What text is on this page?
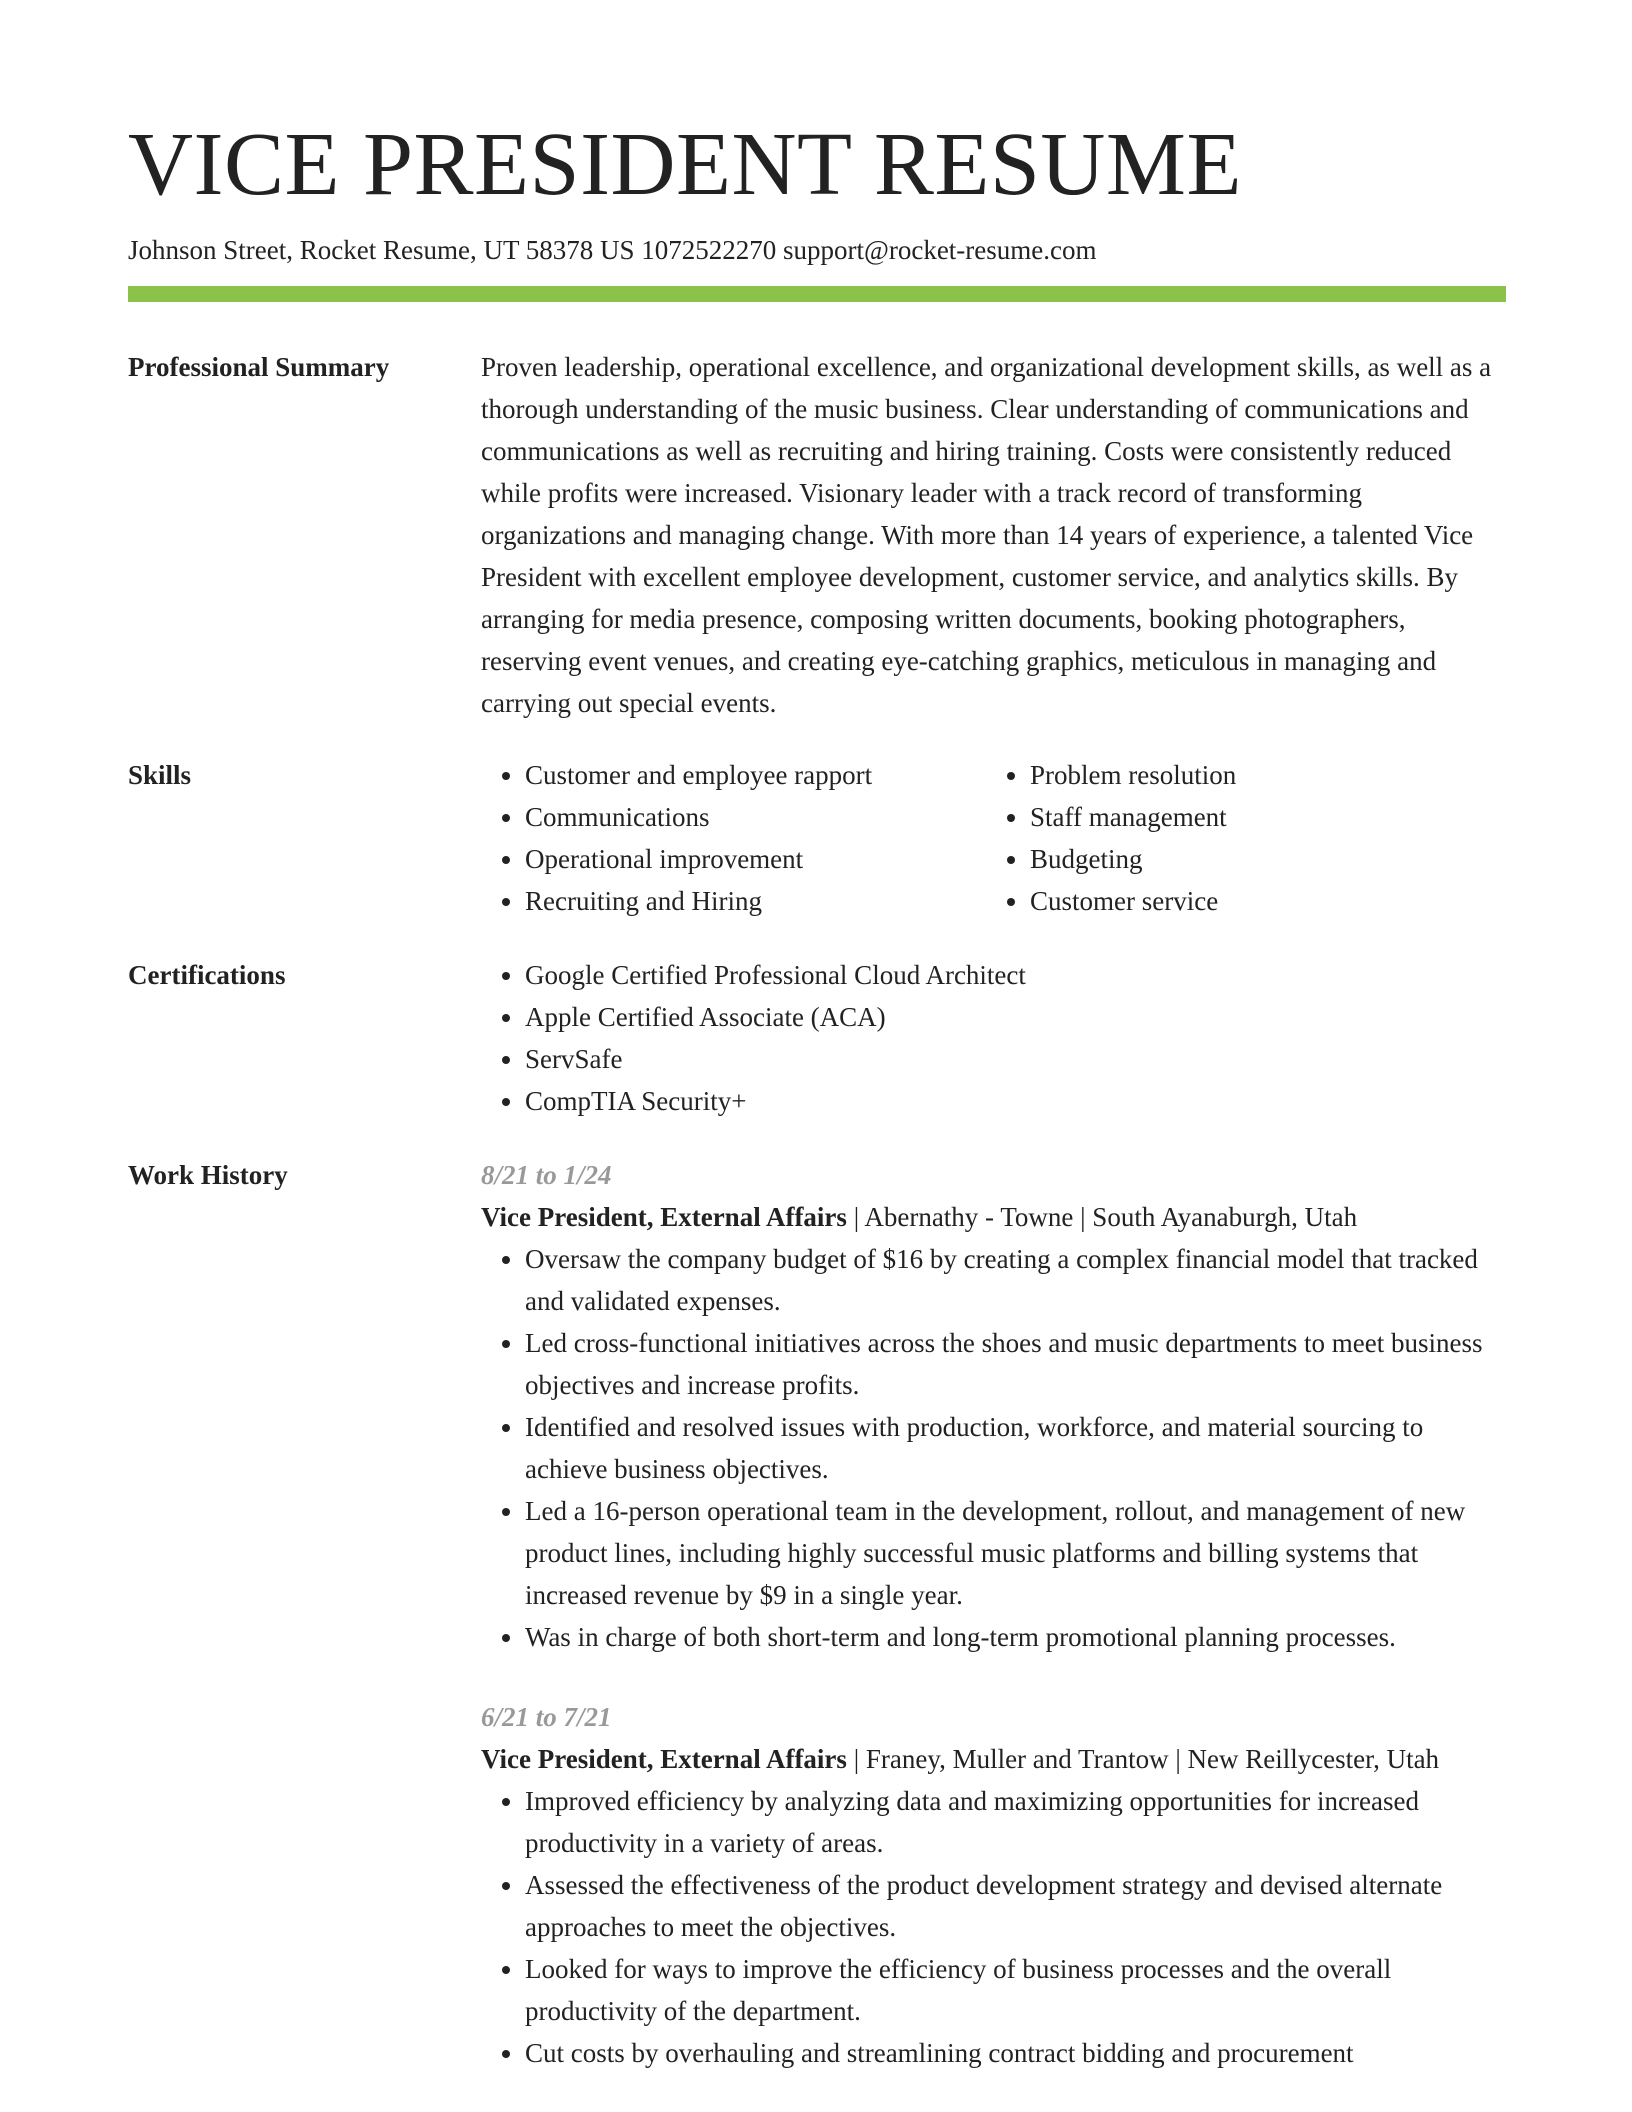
VICE PRESIDENT RESUME
Johnson Street, Rocket Resume, UT 58378 US 1072522270 support@rocket-resume.com
Professional Summary	Proven leadership, operational excellence, and organizational development skills, as well as a thorough understanding of the music business. Clear understanding of communications and communications as well as recruiting and hiring training. Costs were consistently reduced while profits were increased. Visionary leader with a track record of transforming organizations and managing change. With more than 14 years of experience, a talented Vice President with excellent employee development, customer service, and analytics skills. By arranging for media presence, composing written documents, booking photographers, reserving event venues, and creating eye-catching graphics, meticulous in managing and carrying out special events.

Skills	• Customer and employee rapport
• Communications
• Operational improvement
• Recruiting and Hiring
• Problem resolution
• Staff management
• Budgeting
• Customer service
Certifications	• Google Certified Professional Cloud Architect
• Apple Certified Associate (ACA)
• ServSafe
• CompTIA Security+
Work History	8/21 to 1/24
Vice President, External Affairs | Abernathy - Towne | South Ayanaburgh, Utah
• Oversaw the company budget of $16 by creating a complex financial model that tracked and validated expenses.
• Led cross-functional initiatives across the shoes and music departments to meet business objectives and increase profits.
• Identified and resolved issues with production, workforce, and material sourcing to achieve business objectives.
• Led a 16-person operational team in the development, rollout, and management of new product lines, including highly successful music platforms and billing systems that increased revenue by $9 in a single year.
• Was in charge of both short-term and long-term promotional planning processes.
6/21 to 7/21
Vice President, External Affairs | Franey, Muller and Trantow | New Reillycester, Utah
• Improved efficiency by analyzing data and maximizing opportunities for increased productivity in a variety of areas.
• Assessed the effectiveness of the product development strategy and devised alternate approaches to meet the objectives.
• Looked for ways to improve the efficiency of business processes and the overall productivity of the department.
• Cut costs by overhauling and streamlining contract bidding and procurement
